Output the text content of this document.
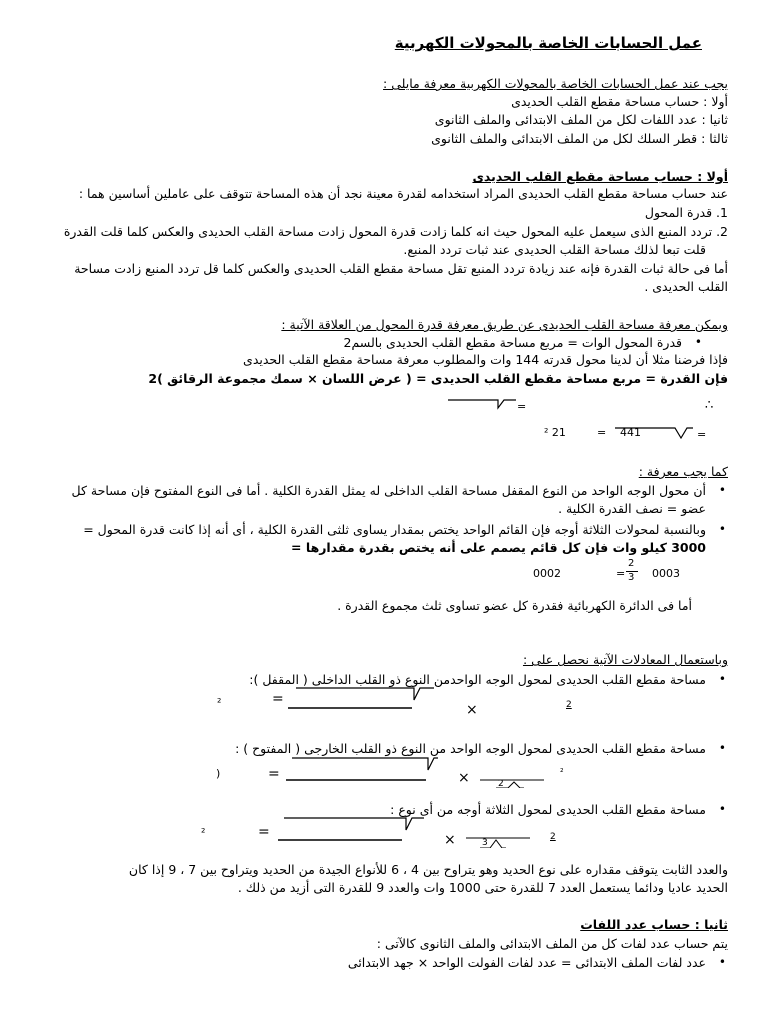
عمل الحسابات الخاصة بالمحولات الكهربية
يجب عند عمل الحسابات الخاصة بالمحولات الكهربية معرفة مايلى :
أولا : حساب مساحة مقطع القلب الحديدى
ثانيا : عدد اللفات لكل من الملف الابتدائى والملف الثانوى
ثالثا : قطر السلك لكل من الملف الابتدائى والملف الثانوى
أولا : حساب مساحة مقطع القلب الحديدى
عند حساب مساحة مقطع القلب الحديدى المراد استخدامه لقدرة معينة نجد أن هذه المساحة تتوقف على عاملين أساسين هما :
1. قدرة المحول
2. تردد المنبع الذى سيعمل عليه المحول حيث انه كلما زادت قدرة المحول زادت مساحة القلب الحديدى والعكس كلما قلت القدرة
قلت تبعا لذلك مساحة القلب الحديدى عند ثبات تردد المنبع.
أما فى حالة ثبات القدرة فإنه عند زيادة تردد المنبع تقل مساحة مقطع القلب الحديدى والعكس كلما قل تردد المنبع زادت مساحة
القلب الحديدى .
ويمكن معرفة مساحة القلب الحديدى عن طريق معرفة قدرة المحول من العلاقة الآتية :
• قدرة المحول الوات = مربع مساحة مقطع القلب الحديدى بالسم2
فإذا فرضنا مثلا أن لدينا محول قدرته 144 وات والمطلوب معرفة مساحة مقطع القلب الحديدى
فإن القدرة = مربع مساحة مقطع القلب الحديدى = ( عرض اللسان × سمك مجموعة الرقائق )2
=	∴
² 21	= 441	=
كما يجب معرفة :
• أن محول الوجه الواحد من النوع المقفل مساحة القلب الداخلى له يمثل القدرة الكلية . أما فى النوع المفتوح فإن مساحة كل
عضو = نصف القدرة الكلية .
• وبالنسبة لمحولات الثلاثة أوجه فإن القائم الواحد يختص بمقدار يساوى ثلثى القدرة الكلية ، أى أنه إذا كانت قدرة المحول =
3000 كيلو وات فإن كل قائم يصمم على أنه يختص بقدرة مقدارها =
0002	=
2
3 0003
أما فى الدائرة الكهربائية فقدرة كل عضو تساوى ثلث مجموع القدرة .
وباستعمال المعادلات الآتية نحصل على :
• مساحة مقطع القلب الحديدى لمحول الوجه الواحدمن النوع ذو القلب الداخلى ( المقفل ):
²	=
×	2
• مساحة مقطع القلب الحديدى لمحول الوجه الواحد من النوع ذو القلب الخارجى ( المفتوح ) :
)	=	×	2
²
• مساحة مقطع القلب الحديدى لمحول الثلاثة أوجه من أى نوع :
²	=	×	3
2
والعدد الثابت يتوقف مقداره على نوع الحديد وهو يتراوح بين 4 ، 6 للأنواع الجيدة من الحديد ويتراوح بين 7 ، 9 إذا كان
الحديد عاديا ودائما يستعمل العدد 7 للقدرة حتى 1000 وات والعدد 9 للقدرة التى أزيد من ذلك .
ثانيا : حساب عدد اللفات
يتم حساب عدد لفات كل من الملف الابتدائى والملف الثانوى كالآتى :
• عدد لفات الملف الابتدائى = عدد لفات الفولت الواحد × جهد الابتدائى
